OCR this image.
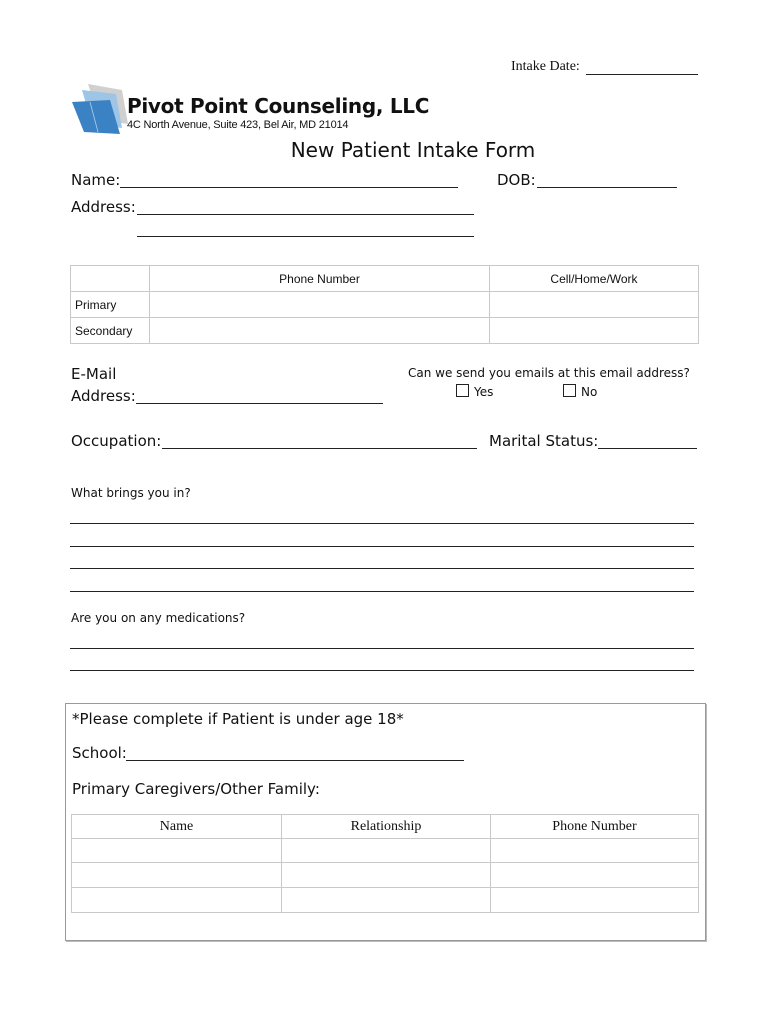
Intake Date:
Pivot Point Counseling, LLC
4C North Avenue, Suite 423, Bel Air, MD 21014
New Patient Intake Form
Name:	DOB:
Address:
	Phone Number	Cell/Home/Work
Primary		
Secondary		
E-Mail
Address:
Can we send you emails at this email address?
Yes	No
Occupation:	Marital Status:
What brings you in?
Are you on any medications?
*Please complete if Patient is under age 18*
School:
Primary Caregivers/Other Family:
Name	Relationship	Phone Number
